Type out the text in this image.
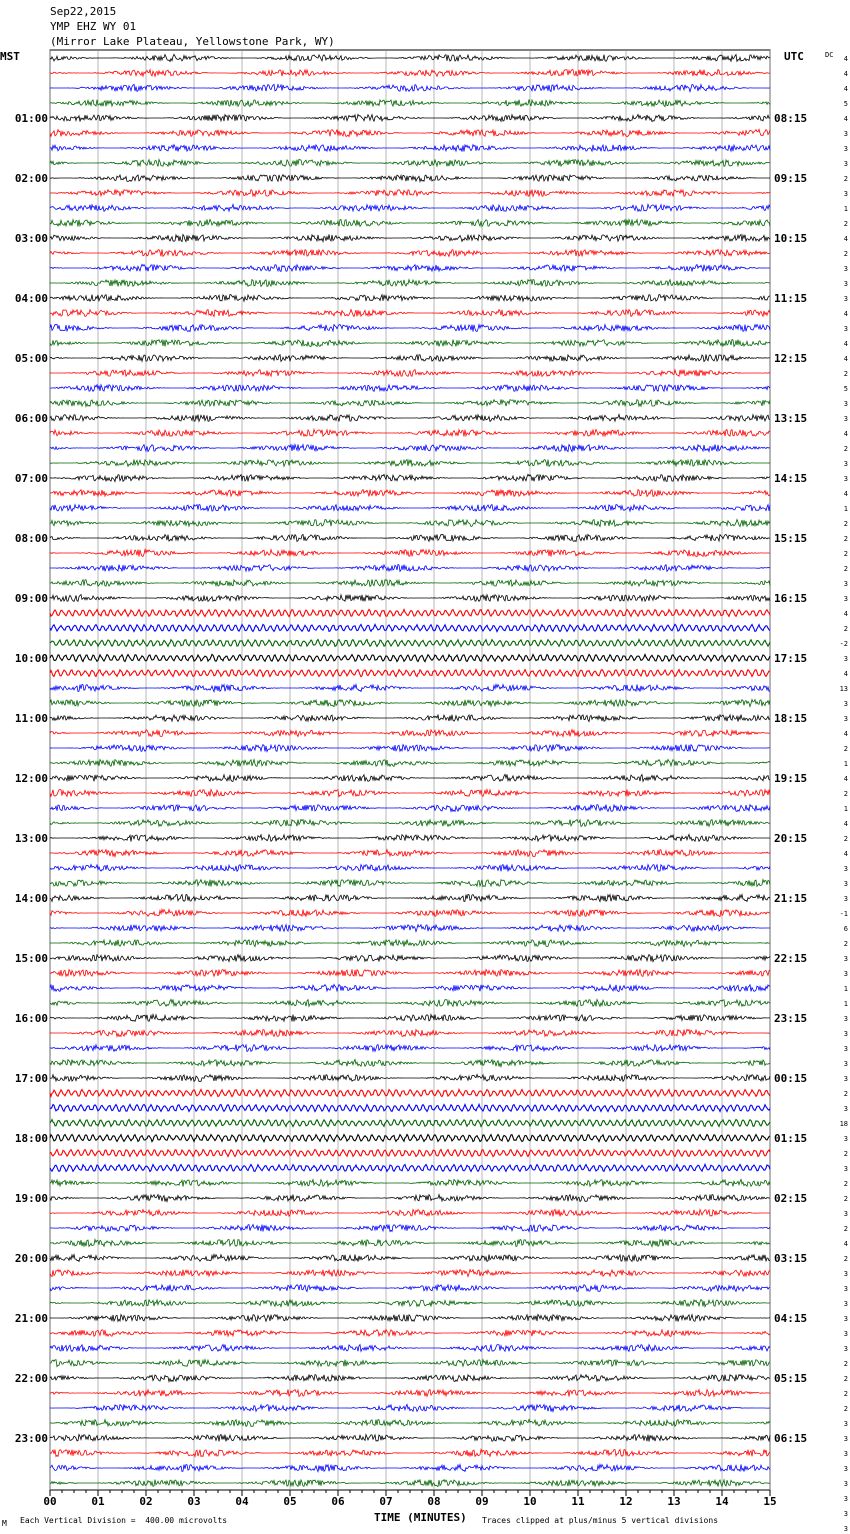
Sep22,2015
YMP EHZ WY 01
(Mirror Lake Plateau, Yellowstone Park, WY)
00	01	02	03	04	05	06	07	08	09	10	11	12	13	14	15
MST	UTC	DC 4
4
4
5
4
3
3
3
2
3
1
2
4
2
3
3
3
4
3
4
4
2
5
3
3
4
2
3
3
4
1
2
2
2
2
3
3
4
2
-2
3
4
13
3
3
4
2
1
4
2
1
4
2
4
3
3
3
-1
6
2
3
3
1
1
3
3
3
3
3
2
3
18
3
2
3
2
2
3
2
4
2
3
3
3
3
3
3
2
2
2
2
3
3
3
3
3
3
3
3
01:00
02:00
03:00
04:00
05:00
06:00
07:00
08:00
09:00
10:00
11:00
12:00
13:00
14:00
15:00
16:00
17:00
18:00
19:00
20:00
21:00
22:00
23:00
08:15
09:15
10:15
11:15
12:15
13:15
14:15
15:15
16:15
17:15
18:15
19:15
20:15
21:15
22:15
23:15
00:15
01:15
02:15
03:15
04:15
05:15
06:15
TIME (MINUTES)
Each Vertical Division =  400.00 microvolts	Traces clipped at plus/minus 5 vertical divisions
M
